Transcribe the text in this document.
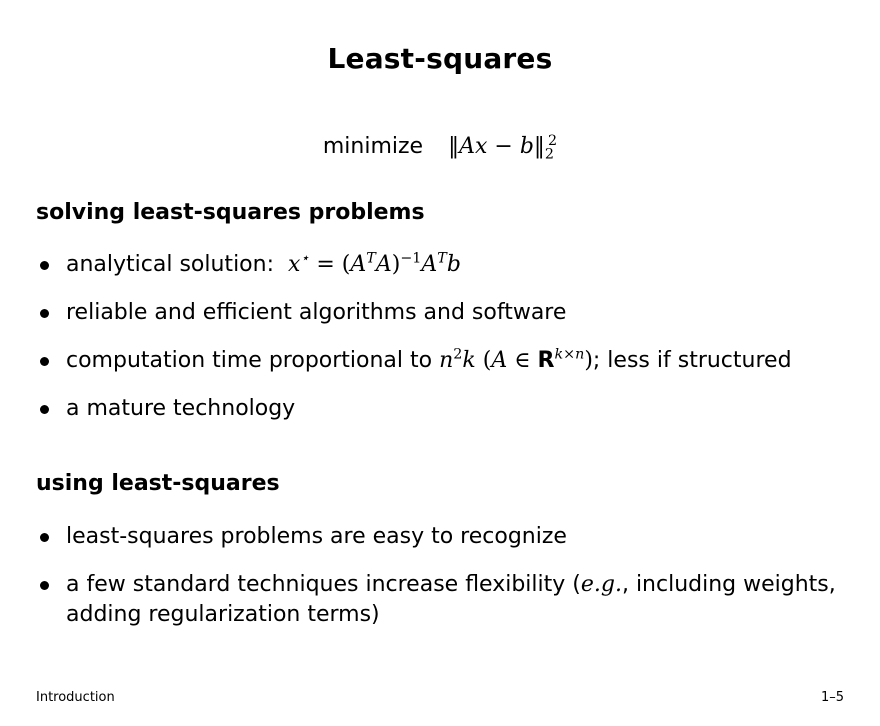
Least-squares
minimize ‖Ax − $b‖_2^2$
solving least-squares problems
analytical solution:  $x^⋆ = (A^TA)^{-1}A^Tb$
reliable and efficient algorithms and software
computation time proportional to $n^2k$ (A ∈ $R^{k\times n}$); less if structured
a mature technology
using least-squares
least-squares problems are easy to recognize
a few standard techniques increase flexibility (e.g., including weights, adding regularization terms)
Introduction	1–5
